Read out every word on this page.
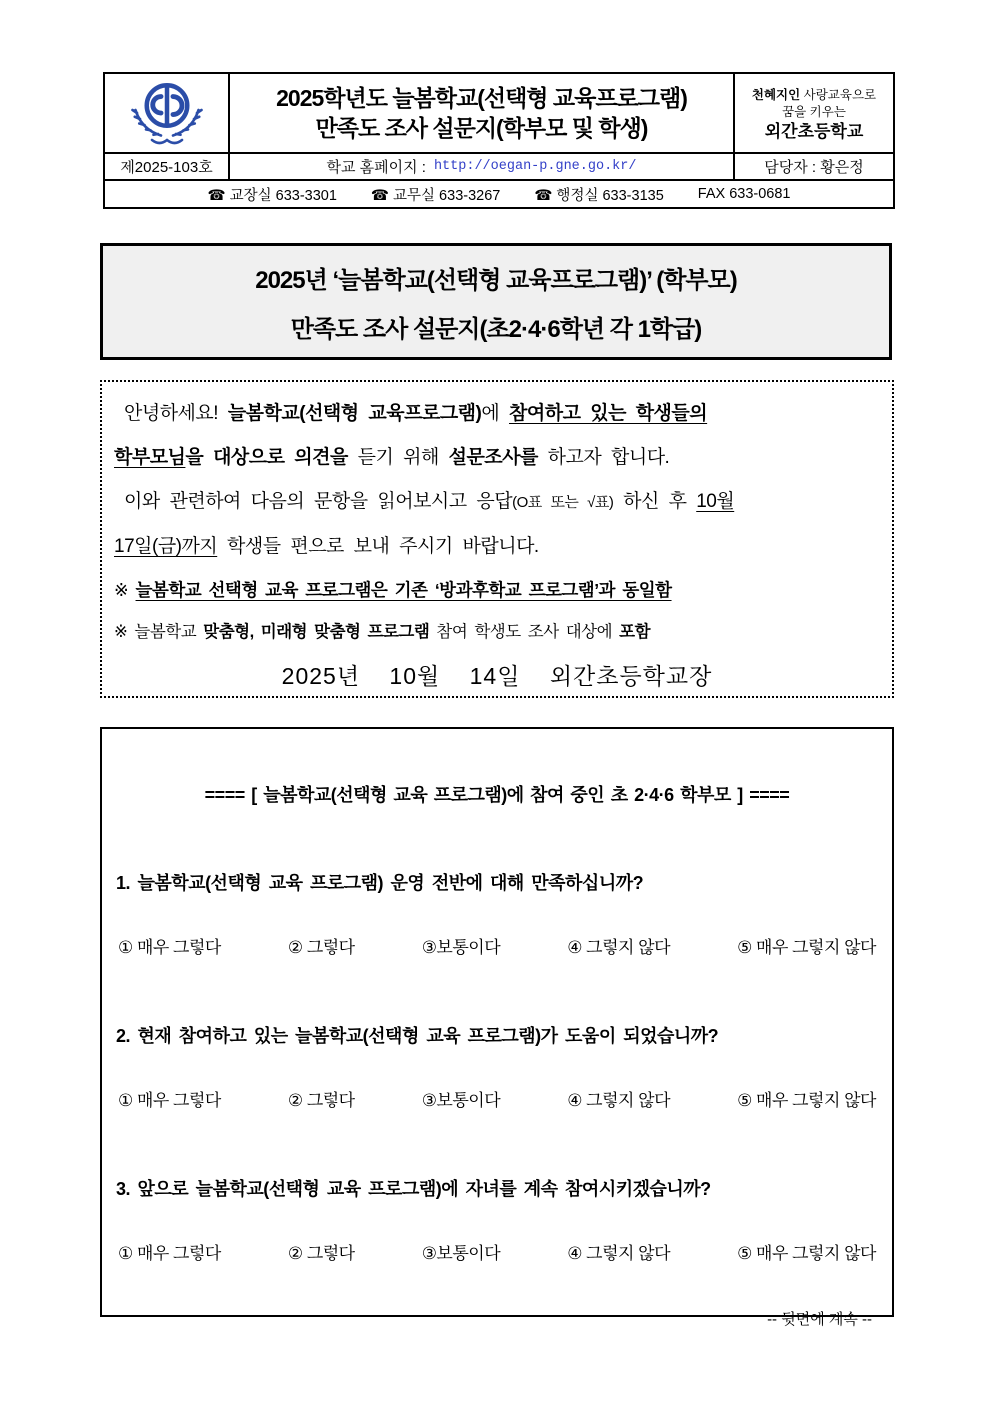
2025학년도 늘봄학교(선택형 교육프로그램)
만족도 조사 설문지(학부모 및 학생)
천혜지인 사랑교육으로
꿈을 키우는
외간초등학교
제2025-103호	학교 홈페이지 : http://oegan-p.gne.go.kr/	담당자 : 황은정
☎ 교장실 633-3301 ☎ 교무실 633-3267 ☎ 행정실 633-3135 FAX 633-0681
2025년 ‘늘봄학교(선택형 교육프로그램)’ (학부모)
만족도 조사 설문지(초2·4·6학년 각 1학급)
안녕하세요! 늘봄학교(선택형 교육프로그램)에 참여하고 있는 학생들의
학부모님을 대상으로 의견을 듣기 위해 설문조사를 하고자 합니다.
이와 관련하여 다음의 문항을 읽어보시고 응답(O표 또는 √표) 하신 후 10월
17일(금)까지 학생들 편으로 보내 주시기 바랍니다.
※ 늘봄학교 선택형 교육 프로그램은 기존 ‘방과후학교 프로그램’과 동일함
※ 늘봄학교 맞춤형, 미래형 맞춤형 프로그램 참여 학생도 조사 대상에 포함
2025년 10월 14일 외간초등학교장
==== [ 늘봄학교(선택형 교육 프로그램)에 참여 중인 초 2·4·6 학부모 ] ====
1. 늘봄학교(선택형 교육 프로그램) 운영 전반에 대해 만족하십니까?
① 매우 그렇다	② 그렇다	③보통이다	④ 그렇지 않다	⑤ 매우 그렇지 않다
2. 현재 참여하고 있는 늘봄학교(선택형 교육 프로그램)가 도움이 되었습니까?
① 매우 그렇다	② 그렇다	③보통이다	④ 그렇지 않다	⑤ 매우 그렇지 않다
3. 앞으로 늘봄학교(선택형 교육 프로그램)에 자녀를 계속 참여시키겠습니까?
① 매우 그렇다	② 그렇다	③보통이다	④ 그렇지 않다	⑤ 매우 그렇지 않다
-- 뒷면에 계속 --
